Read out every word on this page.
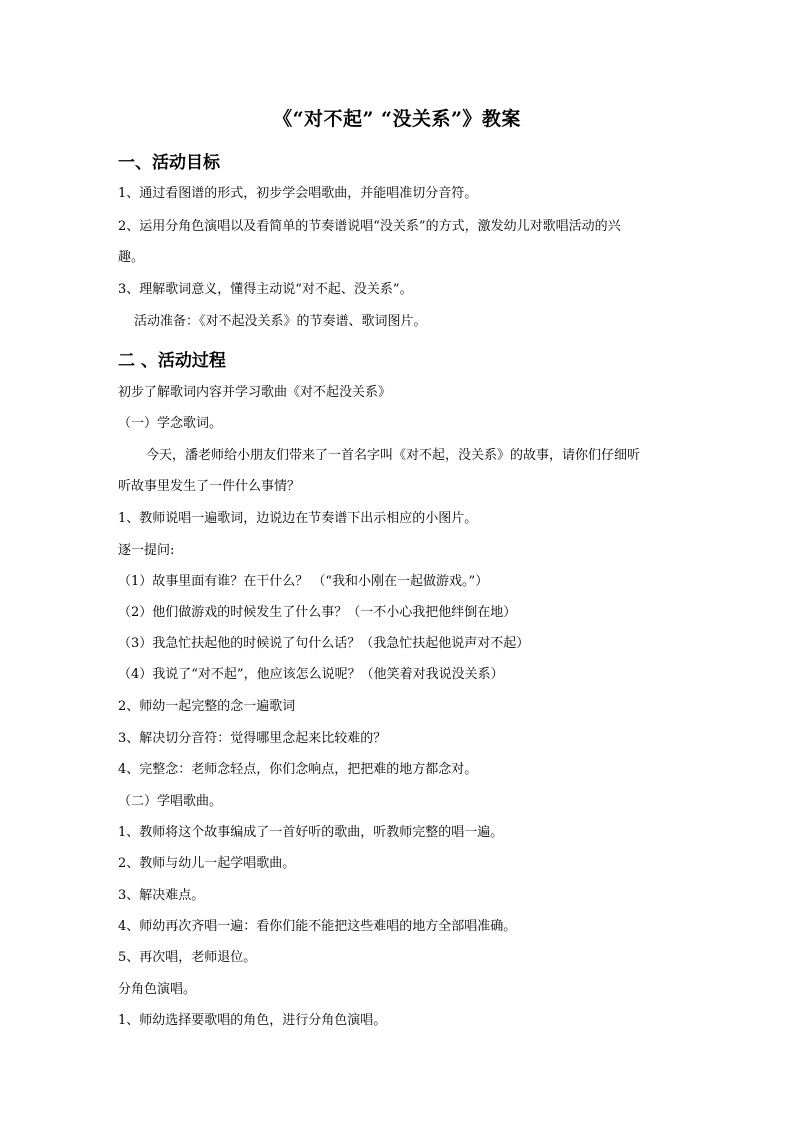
《“对不起” “没关系”》教案
一、活动目标
1、通过看图谱的形式，初步学会唱歌曲，并能唱准切分音符。
2、运用分角色演唱以及看简单的节奏谱说唱“没关系”的方式，激发幼儿对歌唱活动的兴
趣。
3、理解歌词意义，懂得主动说“对不起、没关系”。
活动准备：《对不起没关系》的节奏谱、歌词图片。
二 、活动过程
初步了解歌词内容并学习歌曲《对不起没关系》
（一）学念歌词。
今天，潘老师给小朋友们带来了一首名字叫《对不起，没关系》的故事，请你们仔细听
听故事里发生了一件什么事情？
1、教师说唱一遍歌词，边说边在节奏谱下出示相应的小图片。
逐一提问:
（1）故事里面有谁？在干什么？ （“我和小刚在一起做游戏。”）
（2）他们做游戏的时候发生了什么事？（一不小心我把他绊倒在地）
（3）我急忙扶起他的时候说了句什么话？（我急忙扶起他说声对不起）
（4）我说了“对不起”，他应该怎么说呢？（他笑着对我说没关系）
2、师幼一起完整的念一遍歌词
3、解决切分音符：觉得哪里念起来比较难的？
4、完整念：老师念轻点，你们念响点，把把难的地方都念对。
（二）学唱歌曲。
1、教师将这个故事编成了一首好听的歌曲，听教师完整的唱一遍。
2、教师与幼儿一起学唱歌曲。
3、解决难点。
4、师幼再次齐唱一遍：看你们能不能把这些难唱的地方全部唱准确。
5、再次唱，老师退位。
分角色演唱。
1、师幼选择要歌唱的角色，进行分角色演唱。
